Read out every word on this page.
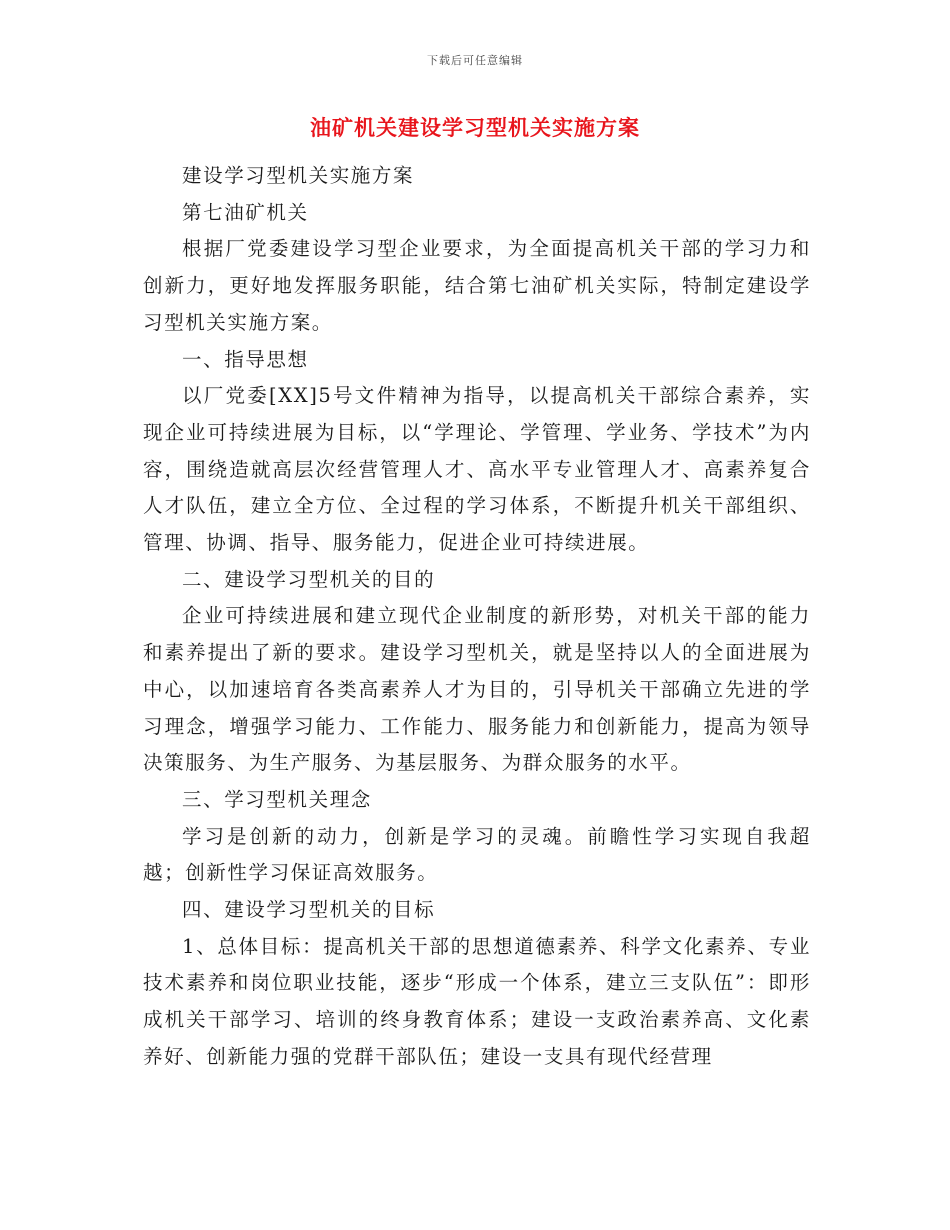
下载后可任意编辑
油矿机关建设学习型机关实施方案

建设学习型机关实施方案

第七油矿机关

根据厂党委建设学习型企业要求，为全面提高机关干部的学习力和创新力，更好地发挥服务职能，结合第七油矿机关实际，特制定建设学习型机关实施方案。

一、指导思想

以厂党委[XX]5号文件精神为指导，以提高机关干部综合素养，实现企业可持续进展为目标，以“学理论、学管理、学业务、学技术”为内容，围绕造就高层次经营管理人才、高水平专业管理人才、高素养复合人才队伍，建立全方位、全过程的学习体系，不断提升机关干部组织、管理、协调、指导、服务能力，促进企业可持续进展。

二、建设学习型机关的目的

企业可持续进展和建立现代企业制度的新形势，对机关干部的能力和素养提出了新的要求。建设学习型机关，就是坚持以人的全面进展为中心，以加速培育各类高素养人才为目的，引导机关干部确立先进的学习理念，增强学习能力、工作能力、服务能力和创新能力，提高为领导决策服务、为生产服务、为基层服务、为群众服务的水平。

三、学习型机关理念

学习是创新的动力，创新是学习的灵魂。前瞻性学习实现自我超越；创新性学习保证高效服务。

四、建设学习型机关的目标

1、总体目标：提高机关干部的思想道德素养、科学文化素养、专业技术素养和岗位职业技能，逐步“形成一个体系，建立三支队伍”：即形成机关干部学习、培训的终身教育体系；建设一支政治素养高、文化素养好、创新能力强的党群干部队伍；建设一支具有现代经营理
